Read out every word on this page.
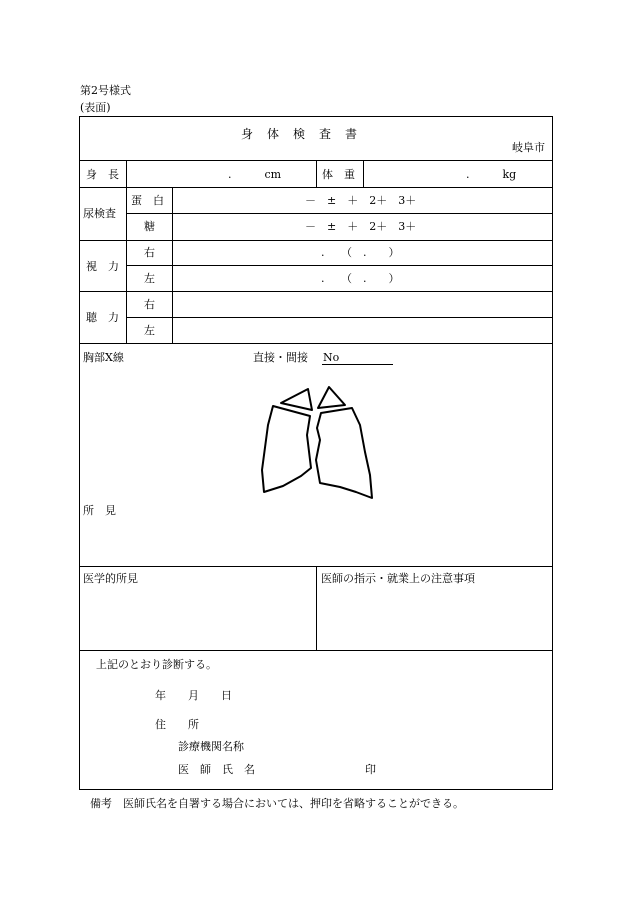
第2号様式
(表面)
身　体　検　査　書
岐阜市
身　長	.　　　cm	体　重	.　　　kg
尿検査
蛋　白	－　±　＋　2＋　3＋
糖	－　±　＋　2＋　3＋
視　力
右	.　　（　.　　）
左	.　　（　.　　）
聴　力
右
左
胸部X線	直接・間接 No
所　見
医学的所見	医師の指示・就業上の注意事項
上記のとおり診断する。
年　　月　　日
住　　所
診療機関名称
医　師　氏　名	印
備考　医師氏名を自署する場合においては、押印を省略することができる。
